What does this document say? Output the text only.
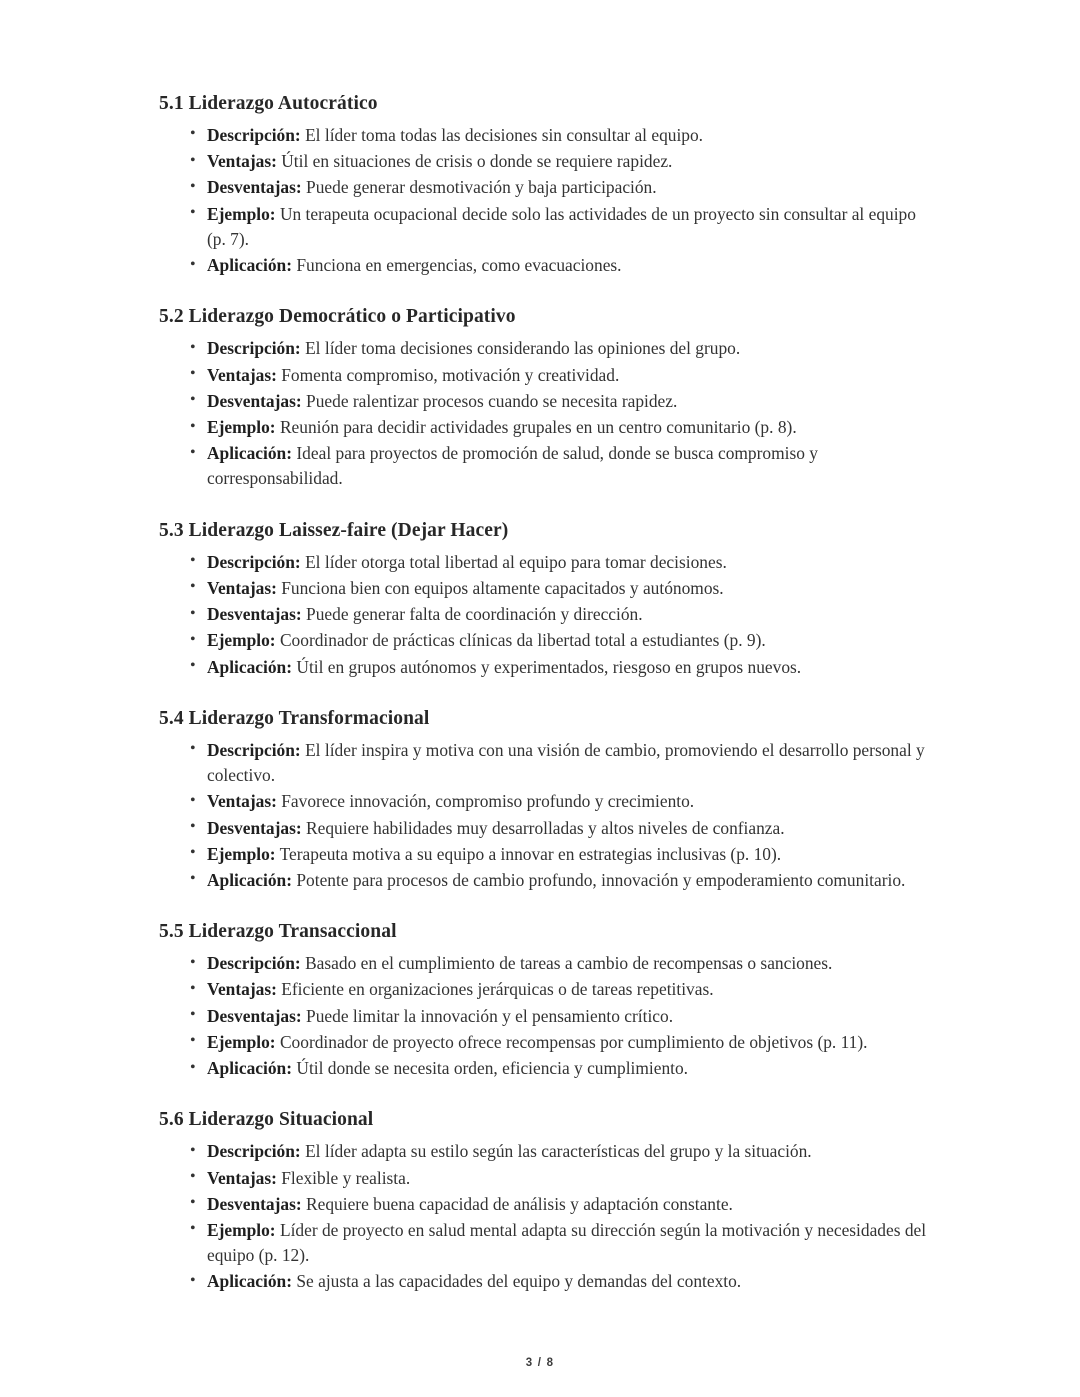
5.1 Liderazgo Autocrático
• Descripción: El líder toma todas las decisiones sin consultar al equipo.
• Ventajas: Útil en situaciones de crisis o donde se requiere rapidez.
• Desventajas: Puede generar desmotivación y baja participación.
• Ejemplo: Un terapeuta ocupacional decide solo las actividades de un proyecto sin consultar al equipo (p. 7).
• Aplicación: Funciona en emergencias, como evacuaciones.
5.2 Liderazgo Democrático o Participativo
• Descripción: El líder toma decisiones considerando las opiniones del grupo.
• Ventajas: Fomenta compromiso, motivación y creatividad.
• Desventajas: Puede ralentizar procesos cuando se necesita rapidez.
• Ejemplo: Reunión para decidir actividades grupales en un centro comunitario (p. 8).
• Aplicación: Ideal para proyectos de promoción de salud, donde se busca compromiso y corresponsabilidad.
5.3 Liderazgo Laissez-faire (Dejar Hacer)
• Descripción: El líder otorga total libertad al equipo para tomar decisiones.
• Ventajas: Funciona bien con equipos altamente capacitados y autónomos.
• Desventajas: Puede generar falta de coordinación y dirección.
• Ejemplo: Coordinador de prácticas clínicas da libertad total a estudiantes (p. 9).
• Aplicación: Útil en grupos autónomos y experimentados, riesgoso en grupos nuevos.
5.4 Liderazgo Transformacional
• Descripción: El líder inspira y motiva con una visión de cambio, promoviendo el desarrollo personal y colectivo.
• Ventajas: Favorece innovación, compromiso profundo y crecimiento.
• Desventajas: Requiere habilidades muy desarrolladas y altos niveles de confianza.
• Ejemplo: Terapeuta motiva a su equipo a innovar en estrategias inclusivas (p. 10).
• Aplicación: Potente para procesos de cambio profundo, innovación y empoderamiento comunitario.
5.5 Liderazgo Transaccional
• Descripción: Basado en el cumplimiento de tareas a cambio de recompensas o sanciones.
• Ventajas: Eficiente en organizaciones jerárquicas o de tareas repetitivas.
• Desventajas: Puede limitar la innovación y el pensamiento crítico.
• Ejemplo: Coordinador de proyecto ofrece recompensas por cumplimiento de objetivos (p. 11).
• Aplicación: Útil donde se necesita orden, eficiencia y cumplimiento.
5.6 Liderazgo Situacional
• Descripción: El líder adapta su estilo según las características del grupo y la situación.
• Ventajas: Flexible y realista.
• Desventajas: Requiere buena capacidad de análisis y adaptación constante.
• Ejemplo: Líder de proyecto en salud mental adapta su dirección según la motivación y necesidades del equipo (p. 12).
• Aplicación: Se ajusta a las capacidades del equipo y demandas del contexto.
3 / 8
